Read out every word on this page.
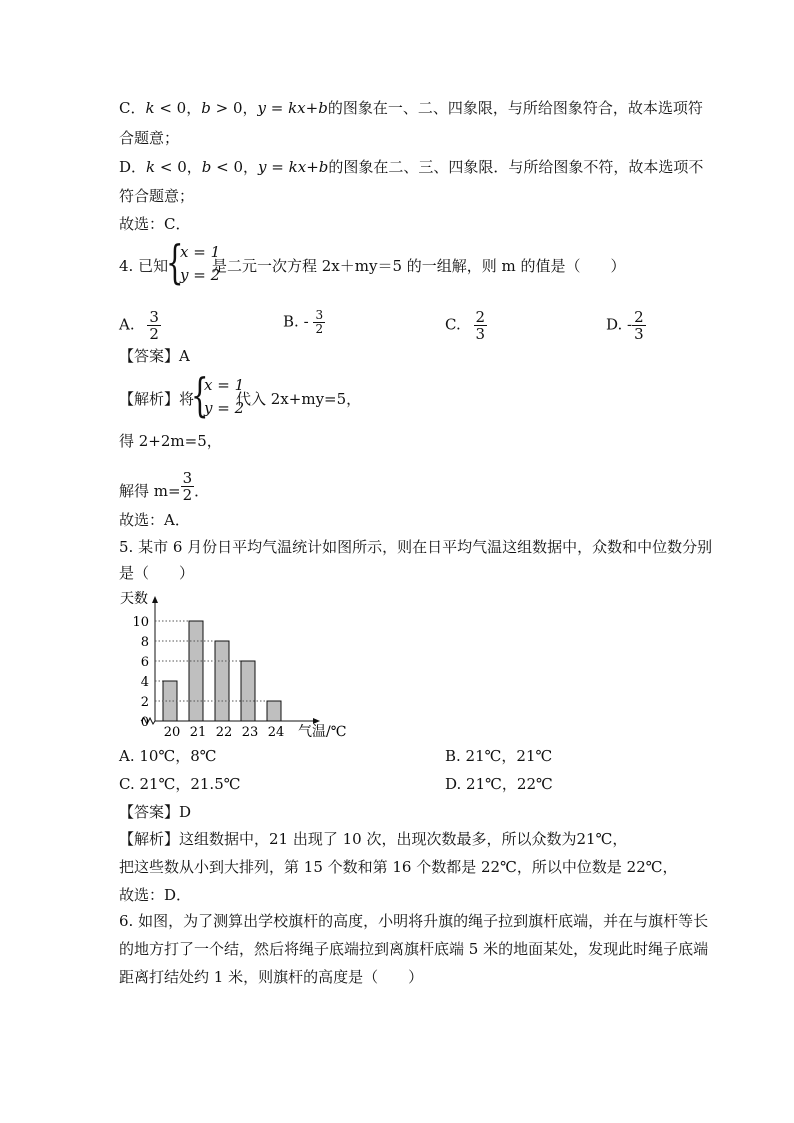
C．k < 0，b > 0，y = kx+b的图象在一、二、四象限，与所给图象符合，故本选项符
合题意；
D．k < 0，b < 0，y = kx+b的图象在二、三、四象限．与所给图象不符，故本选项不
符合题意；
故选：C．
4. 已知
{
x = 1
y = 2
是二元一次方程 2x＋my＝5 的一组解，则 m 的值是（　　）
A. $\frac{3}{2}$	B. - $\frac{3}{2}$	C. $\frac{2}{3}$	D. - $\frac{2}{3}$
【答案】A
【解析】将
{
x = 1
y = 2
代入 2x+my=5，
得 2+2m=5，
解得 $m= \frac{3}{2}$ ．
故选：A．
5. 某市 6 月份日平均气温统计如图所示，则在日平均气温这组数据中，众数和中位数分别
是（　　）
天数
10
8
6
4
2
0
20 21 22 23 24 气温/℃
A. 10℃，8℃	B. 21℃，21℃
C. 21℃，21.5℃	D. 21℃，22℃
【答案】D
【解析】这组数据中，21 出现了 10 次，出现次数最多，所以众数为21℃，
把这些数从小到大排列，第 15 个数和第 16 个数都是 22℃，所以中位数是 22℃，
故选：D．
6. 如图，为了测算出学校旗杆的高度，小明将升旗的绳子拉到旗杆底端，并在与旗杆等长
的地方打了一个结，然后将绳子底端拉到离旗杆底端 5 米的地面某处，发现此时绳子底端
距离打结处约 1 米，则旗杆的高度是（　　）
